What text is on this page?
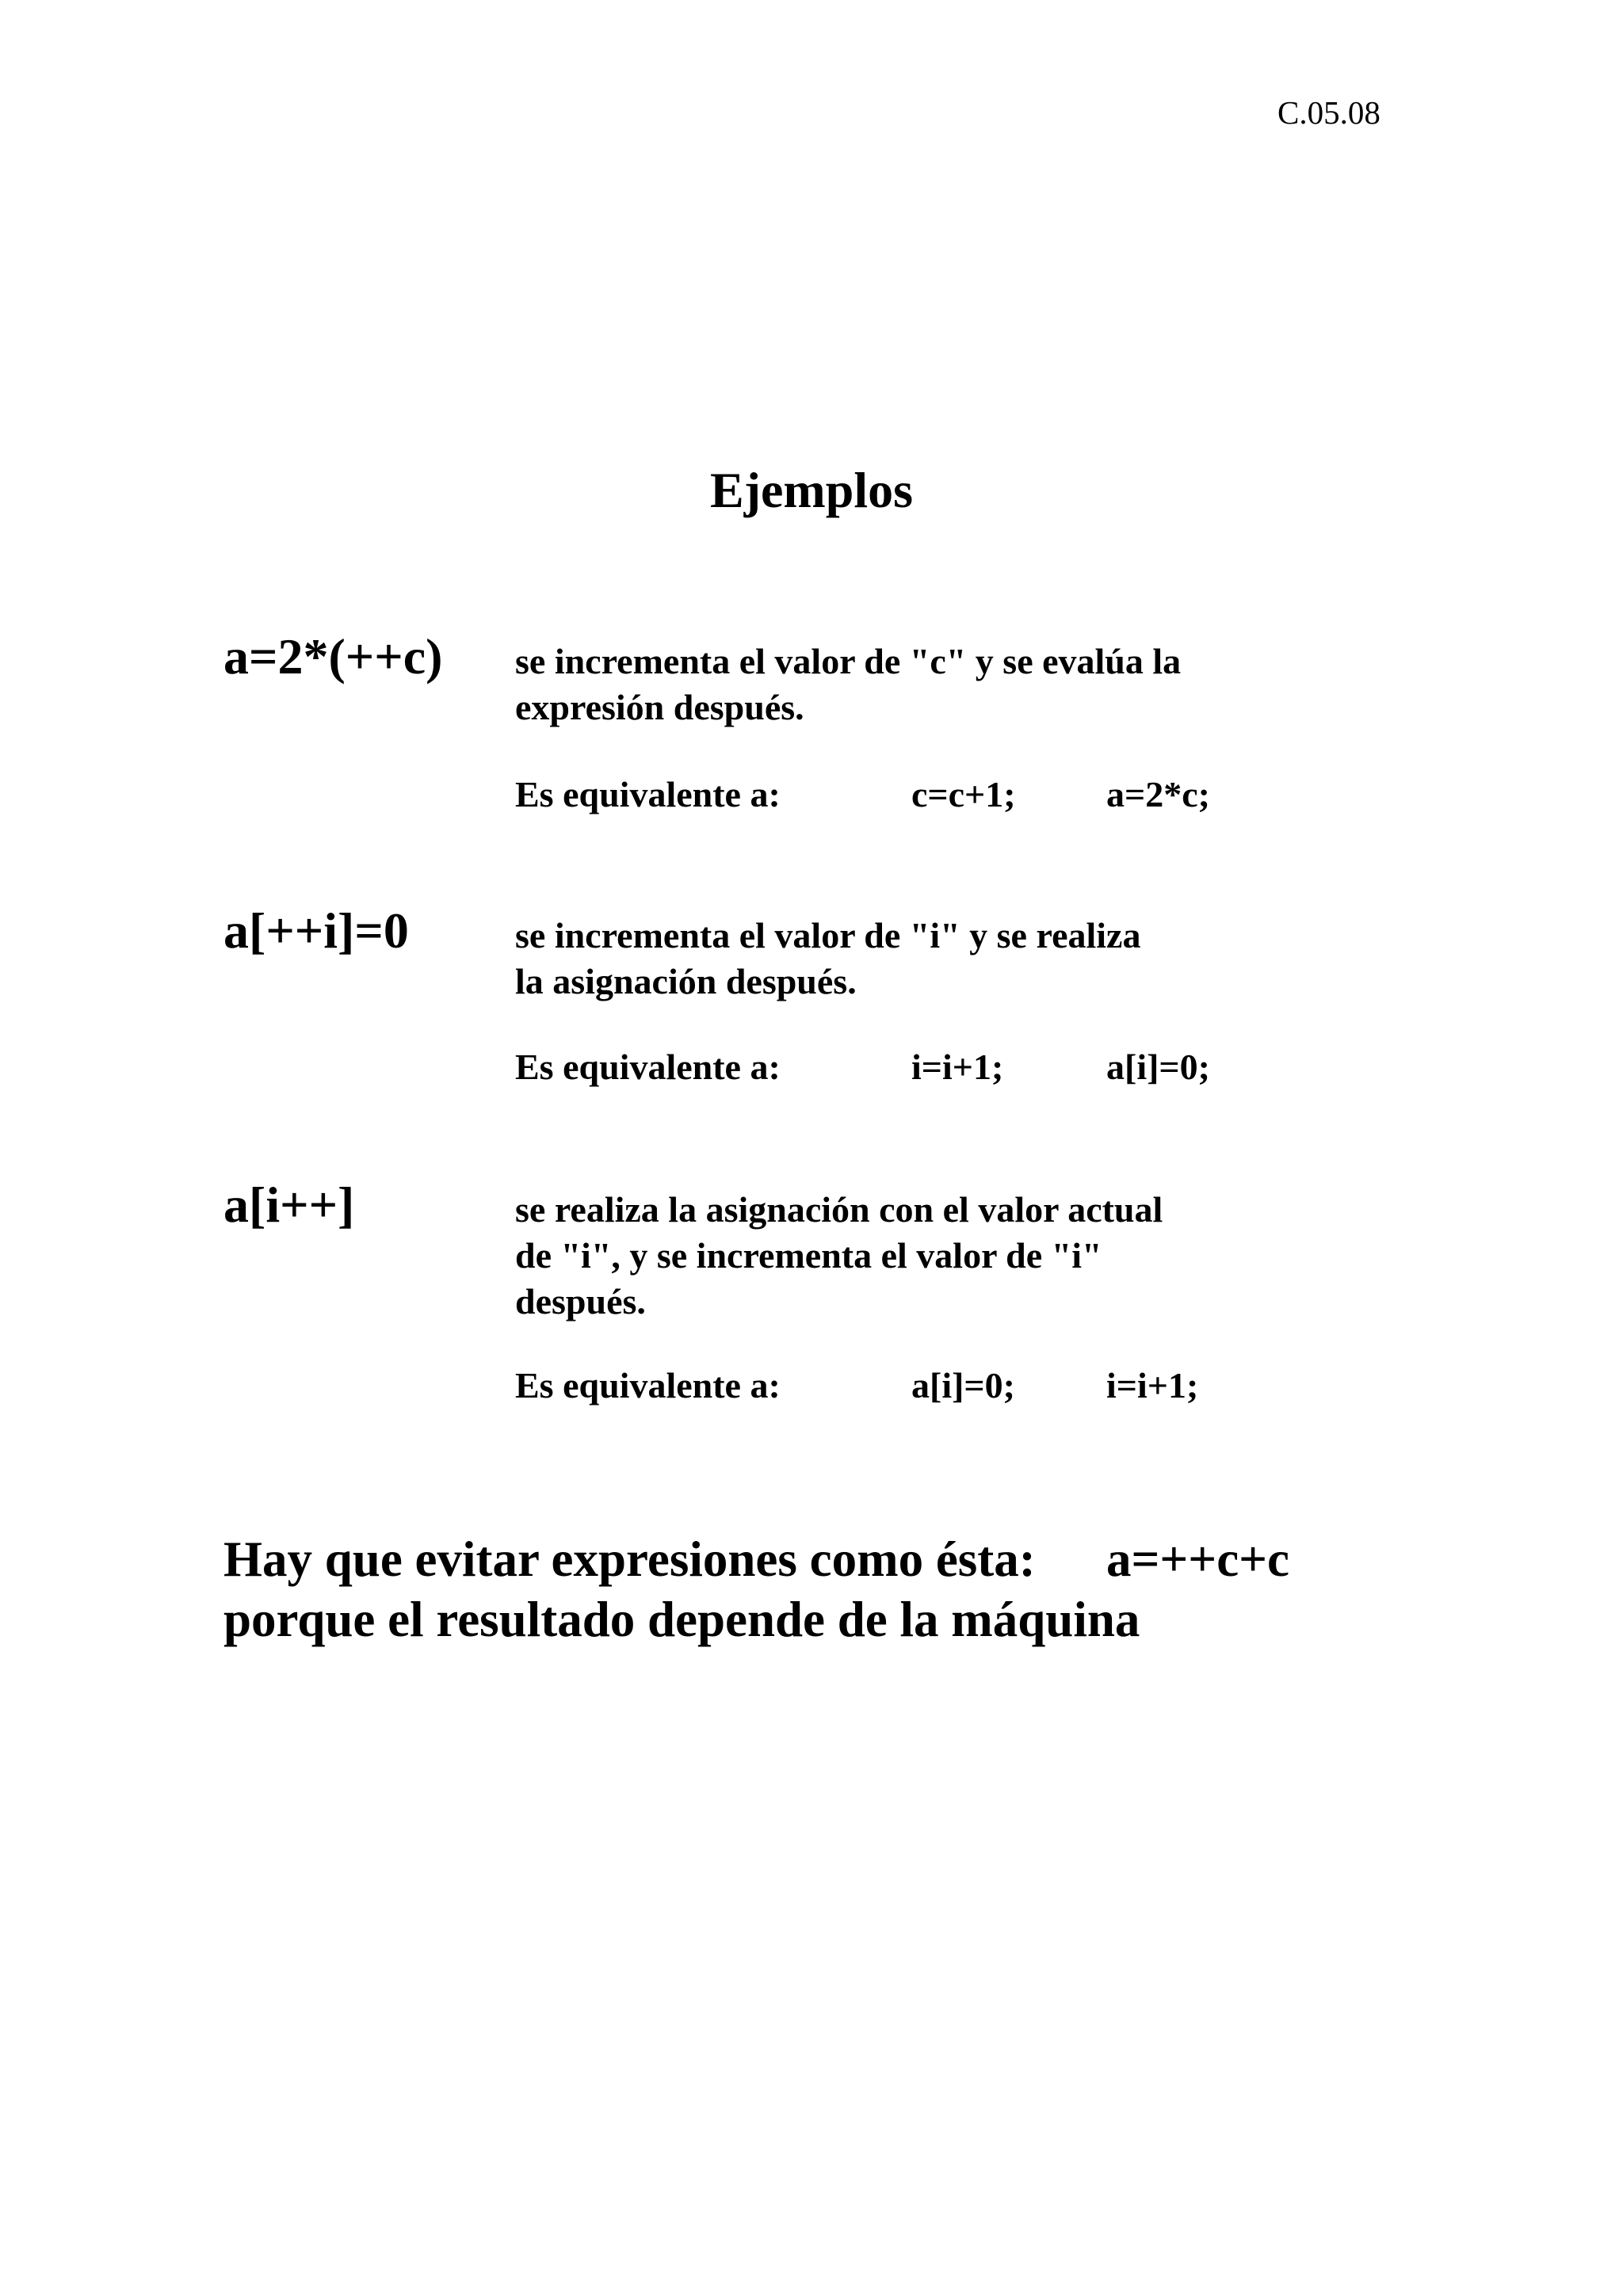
C.05.08
Ejemplos
a=2*(++c) se incrementa el valor de "c" y se evalúa la
expresión después.
Es equivalente a:	c=c+1; a=2*c;
a[++i]=0	se incrementa el valor de "i" y se realiza
la asignación después.
Es equivalente a:	i=i+1;	a[i]=0;
a[i++]	se realiza la asignación con el valor actual
de "i", y se incrementa el valor de "i"
después.
Es equivalente a:	a[i]=0;	i=i+1;
Hay que evitar expresiones como ésta: a=++c+c
porque el resultado depende de la máquina
